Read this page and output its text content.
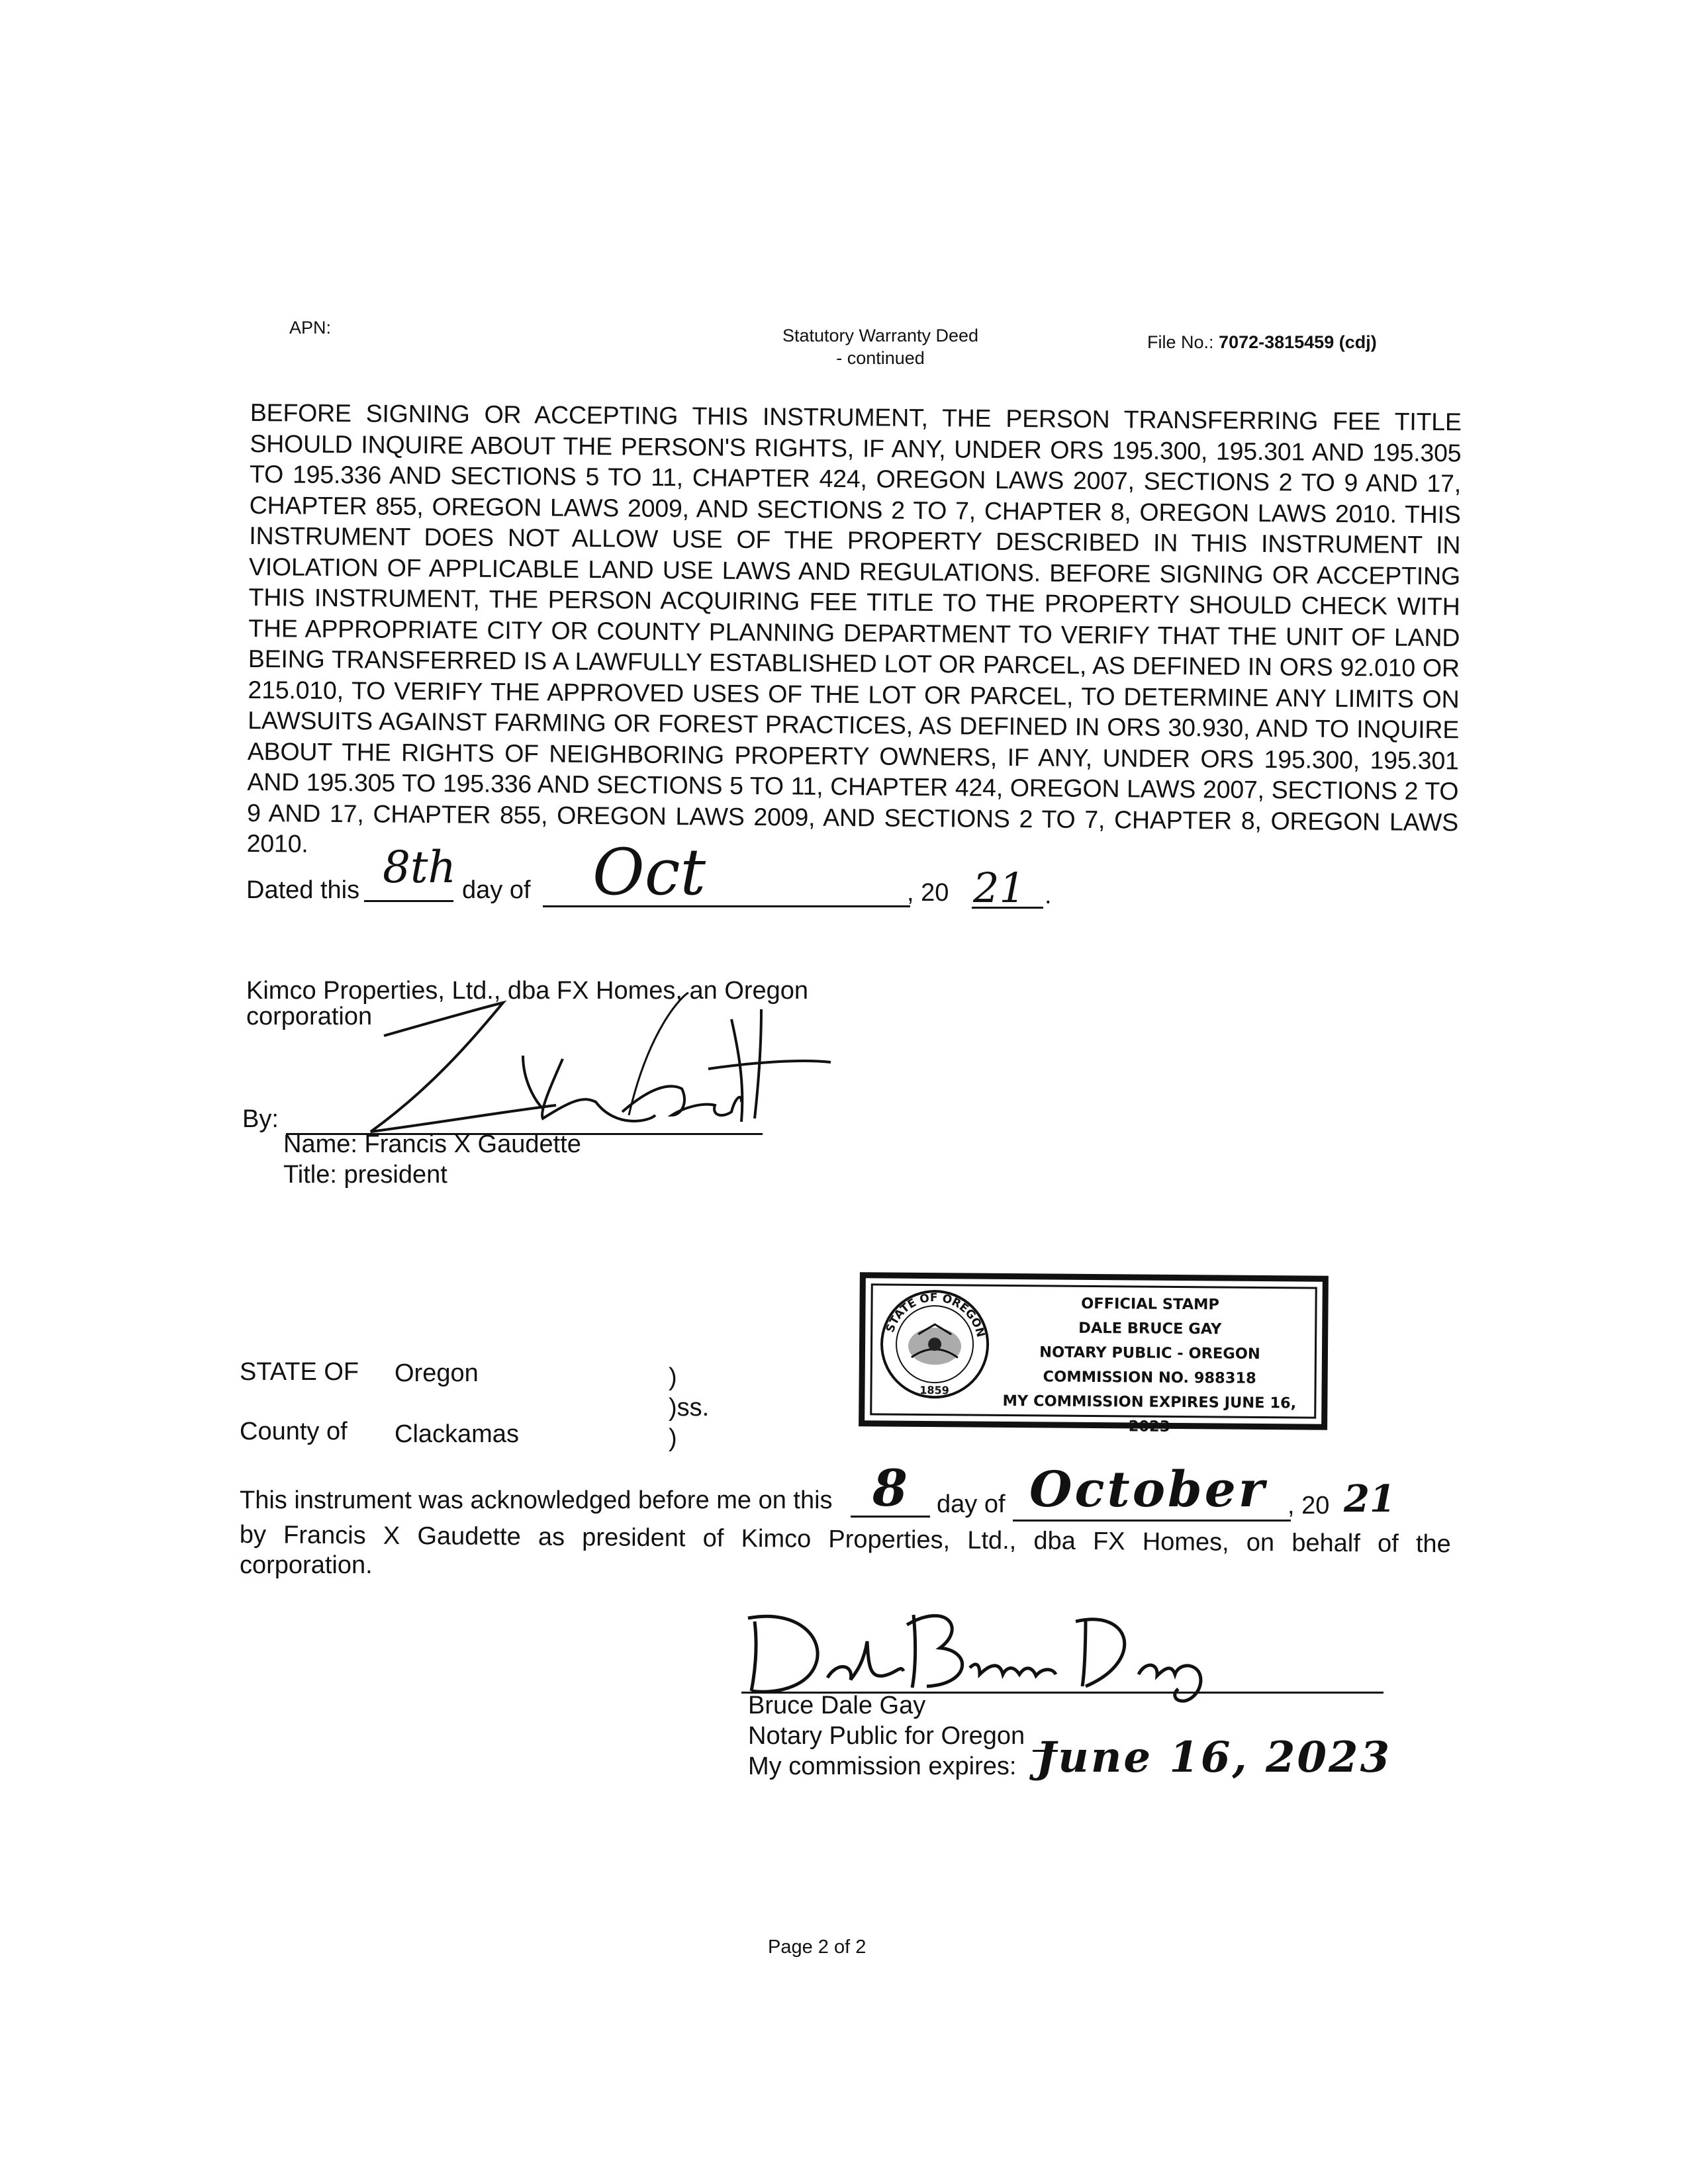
APN:	Statutory Warranty Deed
- continued
File No.: 7072-3815459 (cdj)
BEFORE SIGNING OR ACCEPTING THIS INSTRUMENT, THE PERSON TRANSFERRING FEE TITLE SHOULD INQUIRE ABOUT THE PERSON'S RIGHTS, IF ANY, UNDER ORS 195.300, 195.301 AND 195.305 TO 195.336 AND SECTIONS 5 TO 11, CHAPTER 424, OREGON LAWS 2007, SECTIONS 2 TO 9 AND 17, CHAPTER 855, OREGON LAWS 2009, AND SECTIONS 2 TO 7, CHAPTER 8, OREGON LAWS 2010. THIS INSTRUMENT DOES NOT ALLOW USE OF THE PROPERTY DESCRIBED IN THIS INSTRUMENT IN VIOLATION OF APPLICABLE LAND USE LAWS AND REGULATIONS. BEFORE SIGNING OR ACCEPTING THIS INSTRUMENT, THE PERSON ACQUIRING FEE TITLE TO THE PROPERTY SHOULD CHECK WITH THE APPROPRIATE CITY OR COUNTY PLANNING DEPARTMENT TO VERIFY THAT THE UNIT OF LAND BEING TRANSFERRED IS A LAWFULLY ESTABLISHED LOT OR PARCEL, AS DEFINED IN ORS 92.010 OR 215.010, TO VERIFY THE APPROVED USES OF THE LOT OR PARCEL, TO DETERMINE ANY LIMITS ON LAWSUITS AGAINST FARMING OR FOREST PRACTICES, AS DEFINED IN ORS 30.930, AND TO INQUIRE ABOUT THE RIGHTS OF NEIGHBORING PROPERTY OWNERS, IF ANY, UNDER ORS 195.300, 195.301 AND 195.305 TO 195.336 AND SECTIONS 5 TO 11, CHAPTER 424, OREGON LAWS 2007, SECTIONS 2 TO 9 AND 17, CHAPTER 855, OREGON LAWS 2009, AND SECTIONS 2 TO 7, CHAPTER 8, OREGON LAWS 2010.
Dated this 8th day of Oct	, 20 21 .
Kimco Properties, Ltd., dba FX Homes, an Oregon
corporation
By:
Name: Francis X Gaudette
Title: president
STATE OF OREGON
1859
OFFICIAL STAMP
DALE BRUCE GAY
NOTARY PUBLIC - OREGON
COMMISSION NO. 988318
MY COMMISSION EXPIRES JUNE 16, 2023
STATE OF Oregon	)
)ss.
County of Clackamas	)
This instrument was acknowledged before me on this 8 day of October , 20 21
by Francis X Gaudette as president of Kimco Properties, Ltd., dba FX Homes, on behalf of the
corporation.
Bruce Dale Gay
Notary Public for Oregon
My commission expires: June 16, 2023
Page 2 of 2
